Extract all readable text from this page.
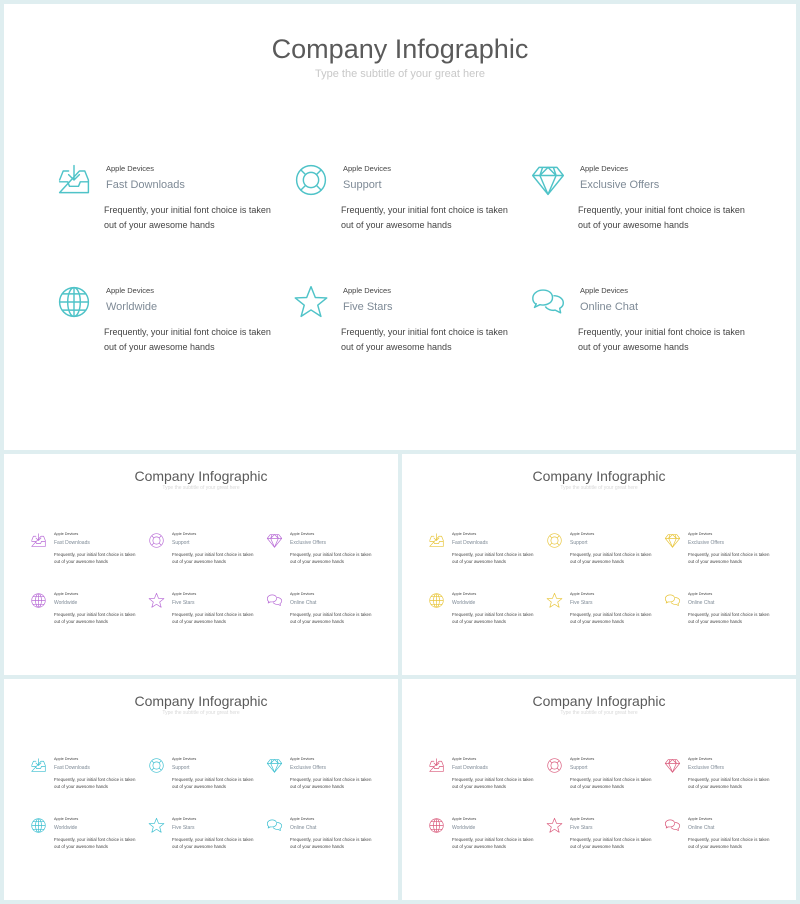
Company Infographic
Type the subtitle of your great here
Apple Devices
Fast Downloads
Frequently, your initial font choice is taken
out of your awesome hands
Apple Devices
Support
Frequently, your initial font choice is taken
out of your awesome hands
Apple Devices
Exclusive Offers
Frequently, your initial font choice is taken
out of your awesome hands
Apple Devices
Worldwide
Frequently, your initial font choice is taken
out of your awesome hands
Apple Devices
Five Stars
Frequently, your initial font choice is taken
out of your awesome hands
Apple Devices
Online Chat
Frequently, your initial font choice is taken
out of your awesome hands
Company Infographic
Type the subtitle of your great here
Apple Devices
Fast Downloads
Frequently, your initial font choice is taken
out of your awesome hands
Apple Devices
Support
Frequently, your initial font choice is taken
out of your awesome hands
Apple Devices
Exclusive Offers
Frequently, your initial font choice is taken
out of your awesome hands
Apple Devices
Worldwide
Frequently, your initial font choice is taken
out of your awesome hands
Apple Devices
Five Stars
Frequently, your initial font choice is taken
out of your awesome hands
Apple Devices
Online Chat
Frequently, your initial font choice is taken
out of your awesome hands
Company Infographic
Type the subtitle of your great here
Apple Devices
Fast Downloads
Frequently, your initial font choice is taken
out of your awesome hands
Apple Devices
Support
Frequently, your initial font choice is taken
out of your awesome hands
Apple Devices
Exclusive Offers
Frequently, your initial font choice is taken
out of your awesome hands
Apple Devices
Worldwide
Frequently, your initial font choice is taken
out of your awesome hands
Apple Devices
Five Stars
Frequently, your initial font choice is taken
out of your awesome hands
Apple Devices
Online Chat
Frequently, your initial font choice is taken
out of your awesome hands
Company Infographic
Type the subtitle of your great here
Apple Devices
Fast Downloads
Frequently, your initial font choice is taken
out of your awesome hands
Apple Devices
Support
Frequently, your initial font choice is taken
out of your awesome hands
Apple Devices
Exclusive Offers
Frequently, your initial font choice is taken
out of your awesome hands
Apple Devices
Worldwide
Frequently, your initial font choice is taken
out of your awesome hands
Apple Devices
Five Stars
Frequently, your initial font choice is taken
out of your awesome hands
Apple Devices
Online Chat
Frequently, your initial font choice is taken
out of your awesome hands
Company Infographic
Type the subtitle of your great here
Apple Devices
Fast Downloads
Frequently, your initial font choice is taken
out of your awesome hands
Apple Devices
Support
Frequently, your initial font choice is taken
out of your awesome hands
Apple Devices
Exclusive Offers
Frequently, your initial font choice is taken
out of your awesome hands
Apple Devices
Worldwide
Frequently, your initial font choice is taken
out of your awesome hands
Apple Devices
Five Stars
Frequently, your initial font choice is taken
out of your awesome hands
Apple Devices
Online Chat
Frequently, your initial font choice is taken
out of your awesome hands
